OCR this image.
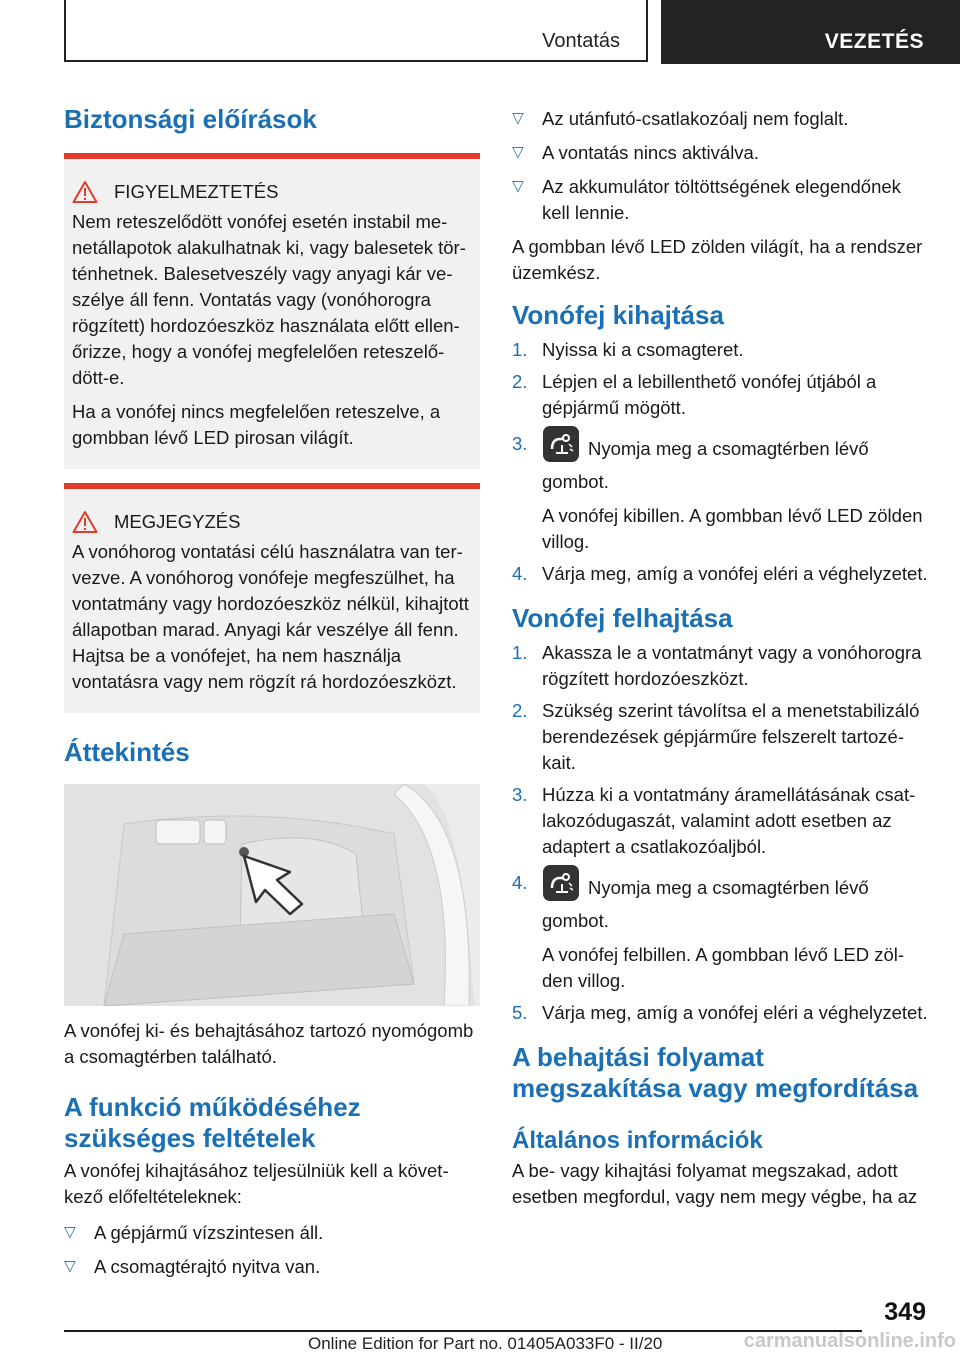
Vontatás	VEZETÉS
Biztonsági előírások
FIGYELMEZTETÉS

Nem reteszelődött vonófej esetén instabil menetállapotok alakulhatnak ki, vagy balesetek történhetnek. Balesetveszély vagy anyagi kár veszélye áll fenn. Vontatás vagy (vonóhorogra rögzített) hordozóeszköz használata előtt ellenőrizze, hogy a vonófej megfelelően reteszelődött-e.

Ha a vonófej nincs megfelelően reteszelve, a gombban lévő LED pirosan világít.

MEGJEGYZÉS

A vonóhorog vontatási célú használatra van tervezve. A vonóhorog vonófeje megfeszülhet, ha vontatmány vagy hordozóeszköz nélkül, kihajtott állapotban marad. Anyagi kár veszélye áll fenn. Hajtsa be a vonófejet, ha nem használja vontatásra vagy nem rögzít rá hordozóeszközt.

Áttekintés

A vonófej ki- és behajtásához tartozó nyomógomb a csomagtérben található.

A funkció működéséhez szükséges feltételek

A vonófej kihajtásához teljesülniük kell a következő előfeltételeknek:

▷ A gépjármű vízszintesen áll.
▷ A csomagtérajtó nyitva van.
▷ Az utánfutó-csatlakozóalj nem foglalt.
▷ A vontatás nincs aktiválva.
▷ Az akkumulátor töltöttségének elegendőnek kell lennie.

A gombban lévő LED zölden világít, ha a rendszer üzemkész.

Vonófej kihajtása
1. Nyissa ki a csomagteret.
2. Lépjen el a lebillenthető vonófej útjából a gépjármű mögött.
3.	Nyomja meg a csomagtérben lévő gombot.
A vonófej kibillen. A gombban lévő LED zölden villog.
4. Várja meg, amíg a vonófej eléri a véghelyzetet.
Vonófej felhajtása
1. Akassza le a vontatmányt vagy a vonóhorogra rögzített hordozóeszközt.
2. Szükség szerint távolítsa el a menetstabilizáló berendezések gépjárműre felszerelt tartozékait.
3. Húzza ki a vontatmány áramellátásának csatlakozódugaszát, valamint adott esetben az adaptert a csatlakozóaljból.
4.	Nyomja meg a csomagtérben lévő gombot.
A vonófej felbillen. A gombban lévő LED zölden villog.
5. Várja meg, amíg a vonófej eléri a véghelyzetet.
A behajtási folyamat megszakítása vagy megfordítása
Általános információk

A be- vagy kihajtási folyamat megszakad, adott esetben megfordul, vagy nem megy végbe, ha az

349
Online Edition for Part no. 01405A033F0 - II/20	carmanualsonline.info
